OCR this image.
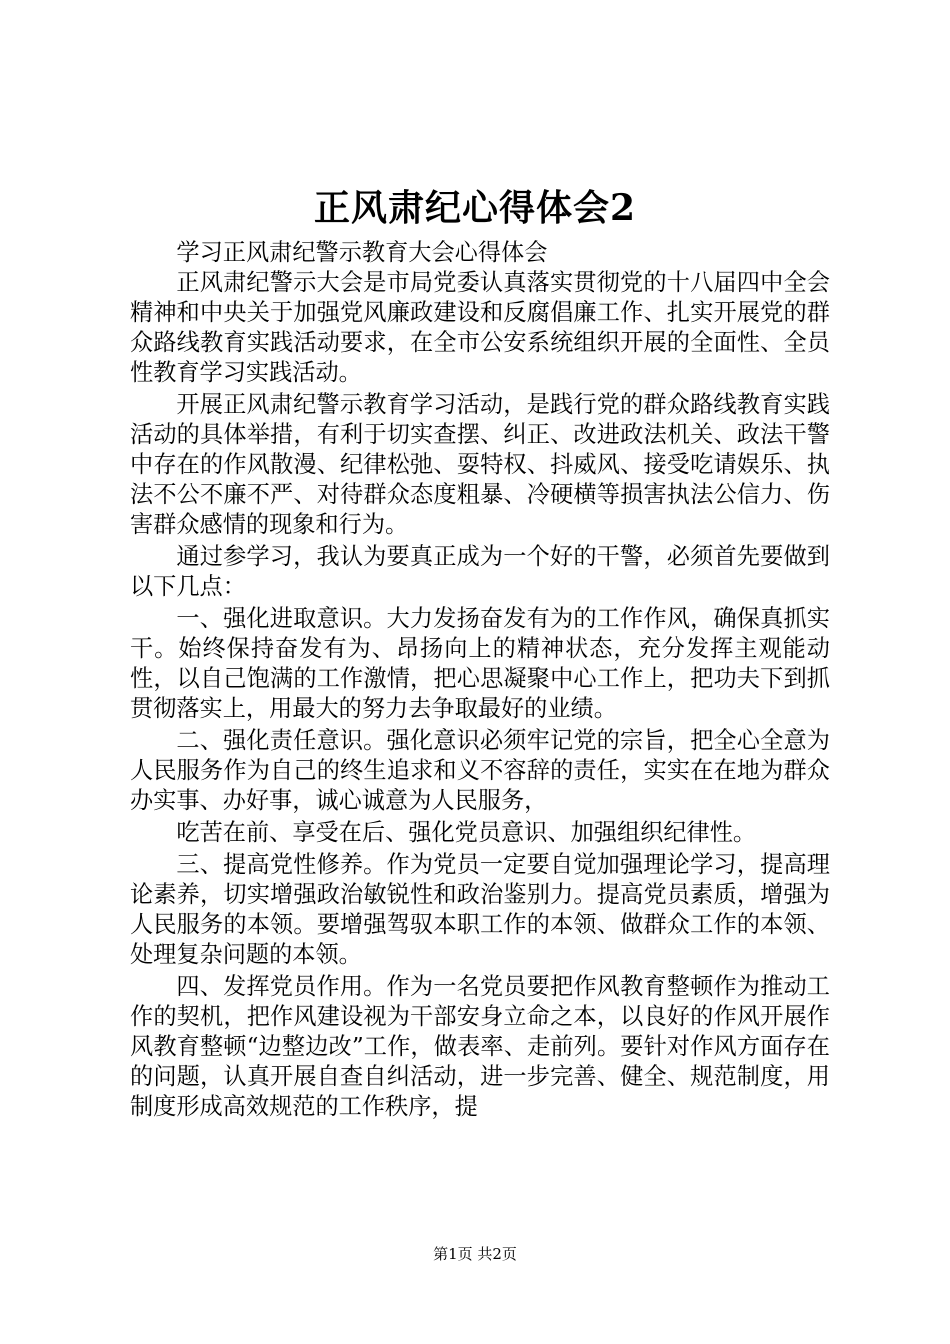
正风肃纪心得体会2

学习正风肃纪警示教育大会心得体会

正风肃纪警示大会是市局党委认真落实贯彻党的十八届四中全会精神和中央关于加强党风廉政建设和反腐倡廉工作、扎实开展党的群众路线教育实践活动要求，在全市公安系统组织开展的全面性、全员性教育学习实践活动。

开展正风肃纪警示教育学习活动，是践行党的群众路线教育实践活动的具体举措，有利于切实查摆、纠正、改进政法机关、政法干警中存在的作风散漫、纪律松弛、耍特权、抖威风、接受吃请娱乐、执法不公不廉不严、对待群众态度粗暴、冷硬横等损害执法公信力、伤害群众感情的现象和行为。

通过参学习，我认为要真正成为一个好的干警，必须首先要做到以下几点：

一、强化进取意识。大力发扬奋发有为的工作作风，确保真抓实干。始终保持奋发有为、昂扬向上的精神状态，充分发挥主观能动性，以自己饱满的工作激情，把心思凝聚中心工作上，把功夫下到抓贯彻落实上，用最大的努力去争取最好的业绩。

二、强化责任意识。强化意识必须牢记党的宗旨，把全心全意为人民服务作为自己的终生追求和义不容辞的责任，实实在在地为群众办实事、办好事，诚心诚意为人民服务，

吃苦在前、享受在后、强化党员意识、加强组织纪律性。

三、提高党性修养。作为党员一定要自觉加强理论学习，提高理论素养，切实增强政治敏锐性和政治鉴别力。提高党员素质，增强为人民服务的本领。要增强驾驭本职工作的本领、做群众工作的本领、处理复杂问题的本领。

四、发挥党员作用。作为一名党员要把作风教育整顿作为推动工作的契机，把作风建设视为干部安身立命之本，以良好的作风开展作风教育整顿“边整边改”工作，做表率、走前列。要针对作风方面存在的问题，认真开展自查自纠活动，进一步完善、健全、规范制度，用制度形成高效规范的工作秩序，提

第1页 共2页
